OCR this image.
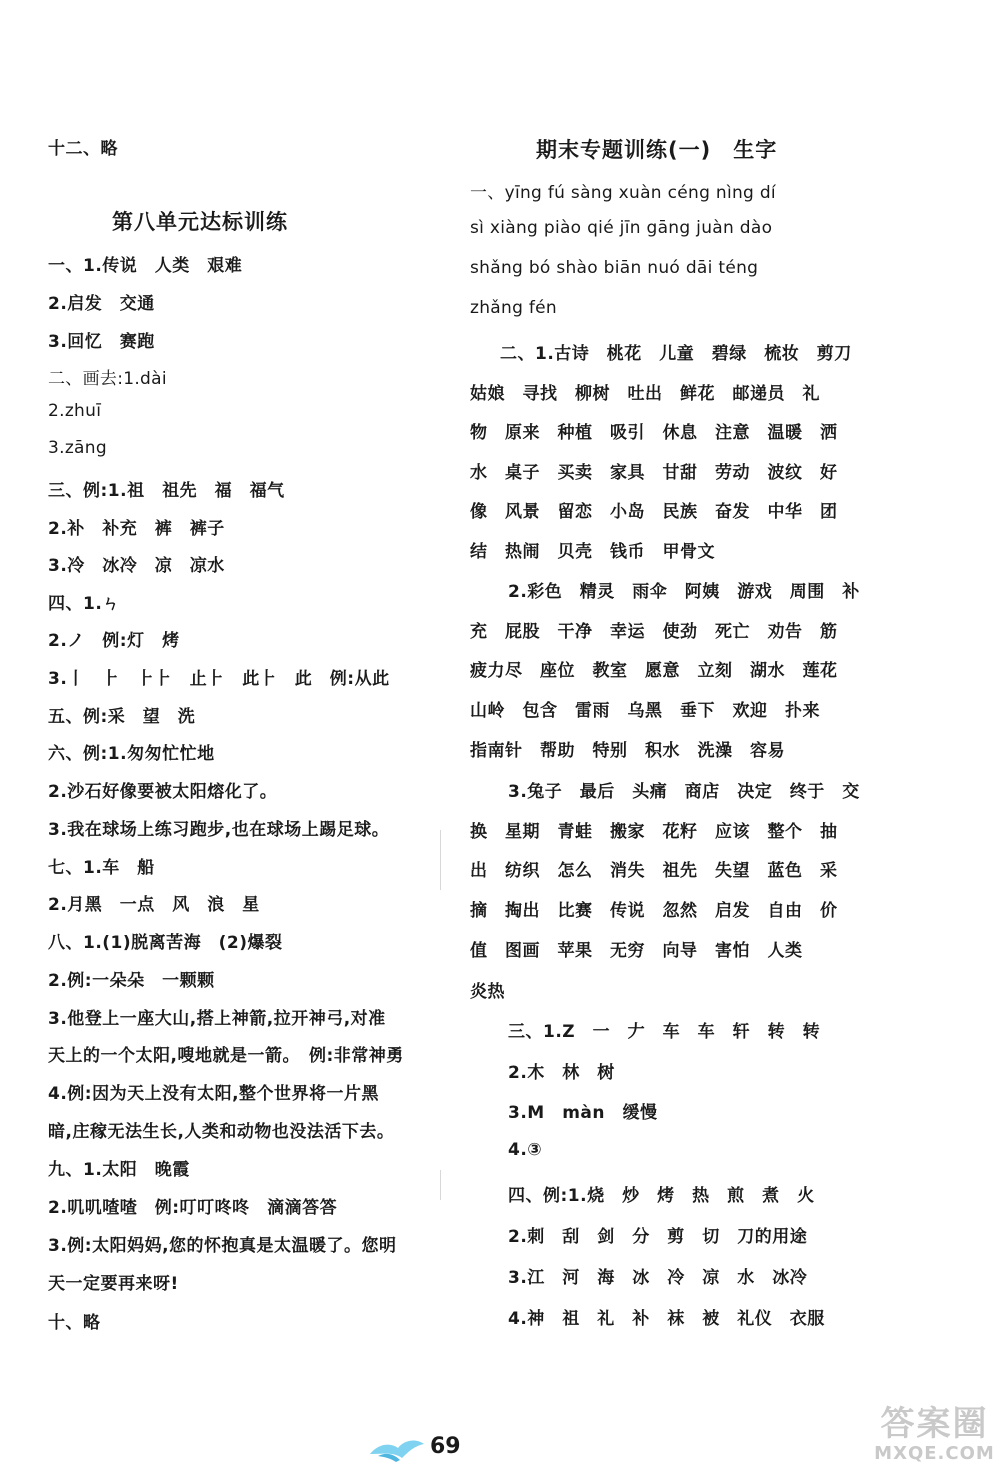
十二、略
第八单元达标训练
一、1.传说　人类　艰难
2.启发　交通
3.回忆　赛跑
二、画去:1.dài
2.zhuī
3.zāng
三、例:1.祖　祖先　福　福气
2.补　补充　裤　裤子
3.冷　冰冷　凉　凉水
四、1.ㄣ
2.ノ　例:灯　烤
3.丨　⺊　⺊⺊　止⺊　此⺊　此　例:从此
五、例:采　望　洗
六、例:1.匆匆忙忙地
2.沙石好像要被太阳熔化了。
3.我在球场上练习跑步,也在球场上踢足球。
七、1.车　船
2.月黑　一点　风　浪　星
八、1.(1)脱离苦海　(2)爆裂
2.例:一朵朵　一颗颗
3.他登上一座大山,搭上神箭,拉开神弓,对准
天上的一个太阳,嗖地就是一箭。　例:非常神勇
4.例:因为天上没有太阳,整个世界将一片黑
暗,庄稼无法生长,人类和动物也没法活下去。
九、1.太阳　晚霞
2.叽叽喳喳　例:叮叮咚咚　滴滴答答
3.例:太阳妈妈,您的怀抱真是太温暖了。您明
天一定要再来呀!
十、略
期末专题训练(一)　生字
一、yīng fú sàng xuàn céng nìng dí
sì xiàng piào qié jīn gāng juàn dào
shǎng bó shào biān nuó dāi téng
zhǎng fén
二、1.古诗　桃花　儿童　碧绿　梳妆　剪刀
姑娘　寻找　柳树　吐出　鲜花　邮递员　礼
物　原来　种植　吸引　休息　注意　温暖　洒
水　桌子　买卖　家具　甘甜　劳动　波纹　好
像　风景　留恋　小岛　民族　奋发　中华　团
结　热闹　贝壳　钱币　甲骨文
2.彩色　精灵　雨伞　阿姨　游戏　周围　补
充　屁股　干净　幸运　使劲　死亡　劝告　筋
疲力尽　座位　教室　愿意　立刻　湖水　莲花
山岭　包含　雷雨　乌黑　垂下　欢迎　扑来
指南针　帮助　特别　积水　洗澡　容易
3.兔子　最后　头痛　商店　决定　终于　交
换　星期　青蛙　搬家　花籽　应该　整个　抽
出　纺织　怎么　消失　祖先　失望　蓝色　采
摘　掏出　比赛　传说　忽然　启发　自由　价
值　图画　苹果　无穷　向导　害怕　人类
炎热
三、1.Z　一　𠂇　车　车　轩　转　转
2.木　林　树
3.M　màn　缓慢
4.③
四、例:1.烧　炒　烤　热　煎　煮　火
2.刺　刮　剑　分　剪　切　刀的用途
3.江　河　海　冰　冷　凉　水　冰冷
4.神　祖　礼　补　袜　被　礼仪　衣服
69
答案圈
MXQE.COM
